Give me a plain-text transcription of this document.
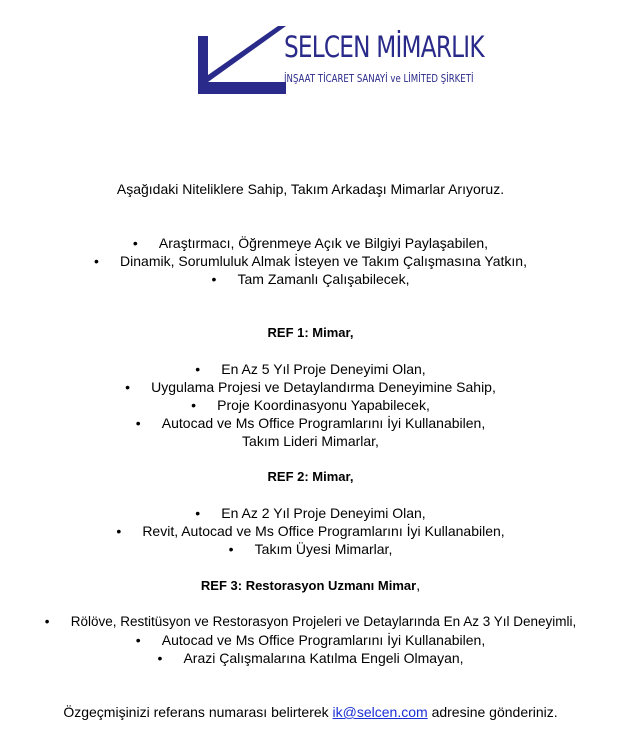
SELCEN MİMARLIK
İNŞAAT TİCARET SANAYİ ve LİMİTED ŞİRKETİ
Aşağıdaki Niteliklere Sahip, Takım Arkadaşı Mimarlar Arıyoruz.
• Araştırmacı, Öğrenmeye Açık ve Bilgiyi Paylaşabilen,
• Dinamik, Sorumluluk Almak İsteyen ve Takım Çalışmasına Yatkın,
• Tam Zamanlı Çalışabilecek,
REF 1: Mimar,
• En Az 5 Yıl Proje Deneyimi Olan,
• Uygulama Projesi ve Detaylandırma Deneyimine Sahip,
• Proje Koordinasyonu Yapabilecek,
• Autocad ve Ms Office Programlarını İyi Kullanabilen,
Takım Lideri Mimarlar,
REF 2: Mimar,
• En Az 2 Yıl Proje Deneyimi Olan,
• Revit, Autocad ve Ms Office Programlarını İyi Kullanabilen,
• Takım Üyesi Mimarlar,
REF 3: Restorasyon Uzmanı Mimar,
• Rölöve, Restitüsyon ve Restorasyon Projeleri ve Detaylarında En Az 3 Yıl Deneyimli,
• Autocad ve Ms Office Programlarını İyi Kullanabilen,
• Arazi Çalışmalarına Katılma Engeli Olmayan,
Özgeçmişinizi referans numarası belirterek ik@selcen.com adresine gönderiniz.
